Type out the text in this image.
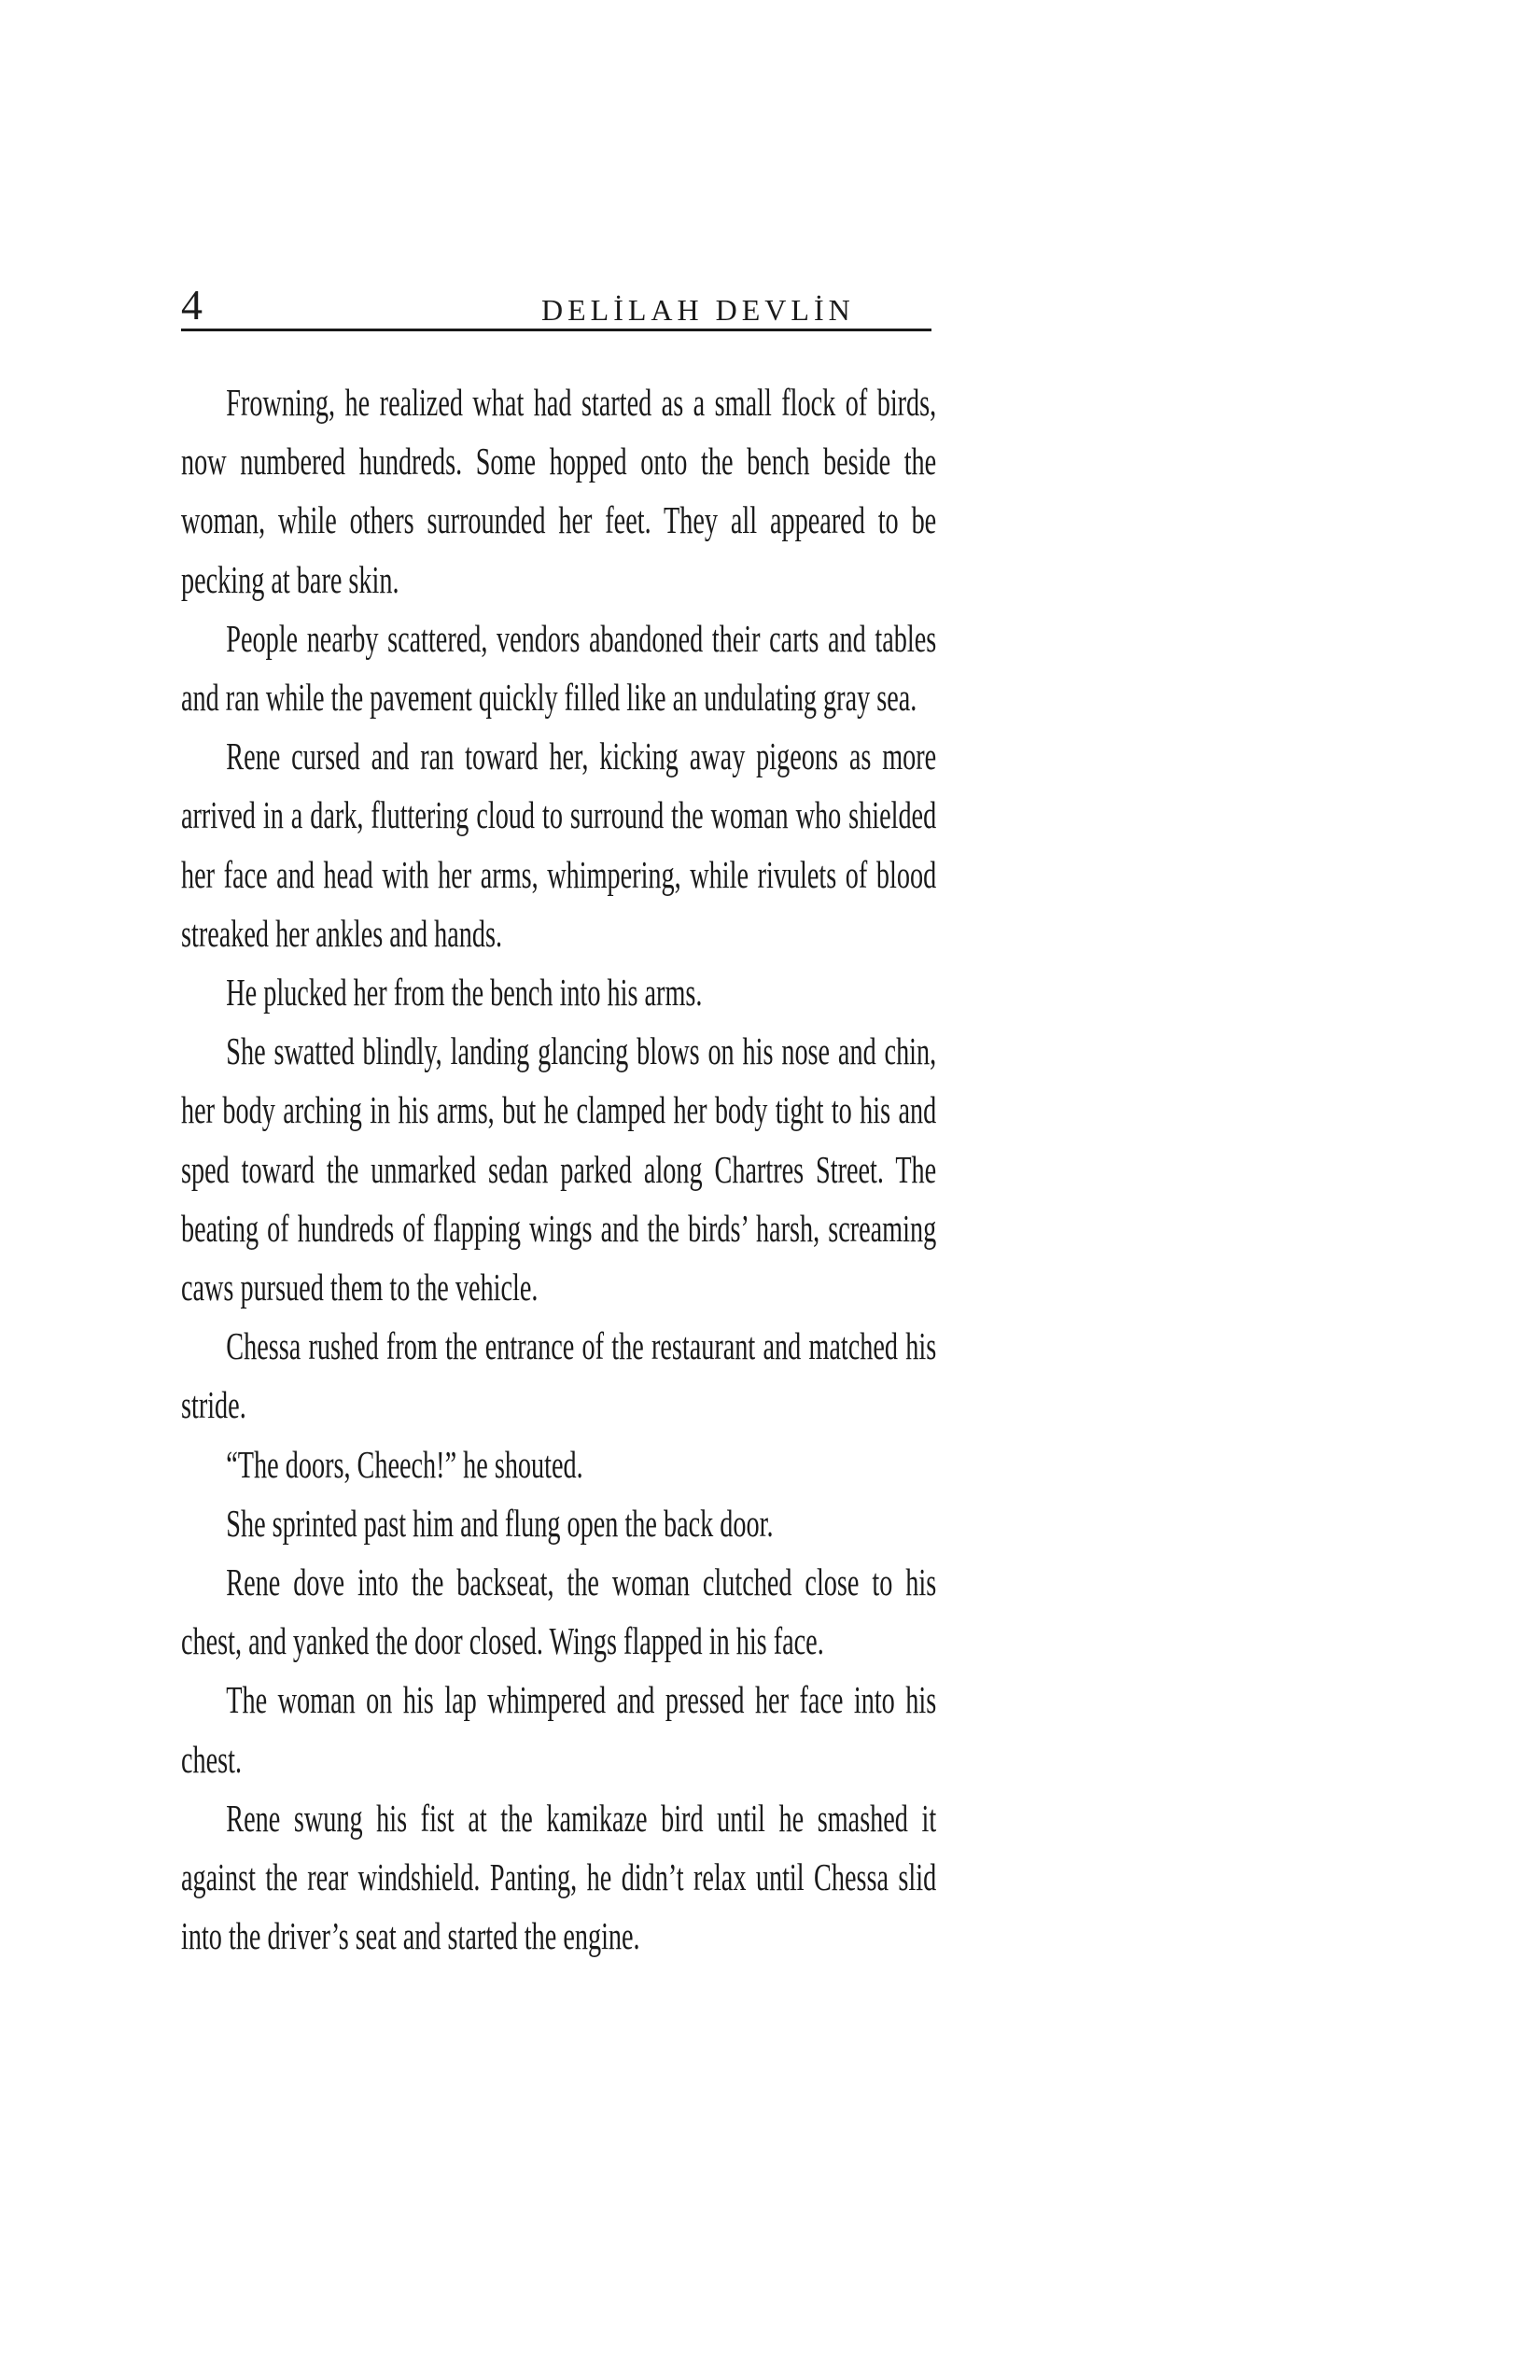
4	DELİLAH DEVLİN

Frowning, he realized what had started as a small flock of birds, now numbered hundreds. Some hopped onto the bench beside the woman, while others surrounded her feet. They all appeared to be pecking at bare skin.

People nearby scattered, vendors abandoned their carts and tables and ran while the pavement quickly filled like an undulating gray sea.

Rene cursed and ran toward her, kicking away pigeons as more arrived in a dark, fluttering cloud to surround the woman who shielded her face and head with her arms, whimpering, while rivulets of blood streaked her ankles and hands.

He plucked her from the bench into his arms.

She swatted blindly, landing glancing blows on his nose and chin, her body arching in his arms, but he clamped her body tight to his and sped toward the unmarked sedan parked along Chartres Street. The beating of hundreds of flapping wings and the birds’ harsh, screaming caws pursued them to the vehicle.

Chessa rushed from the entrance of the restaurant and matched his stride.

“The doors, Cheech!” he shouted.

She sprinted past him and flung open the back door.

Rene dove into the backseat, the woman clutched close to his chest, and yanked the door closed. Wings flapped in his face.

The woman on his lap whimpered and pressed her face into his chest.

Rene swung his fist at the kamikaze bird until he smashed it against the rear windshield. Panting, he didn’t relax until Chessa slid into the driver’s seat and started the engine.
